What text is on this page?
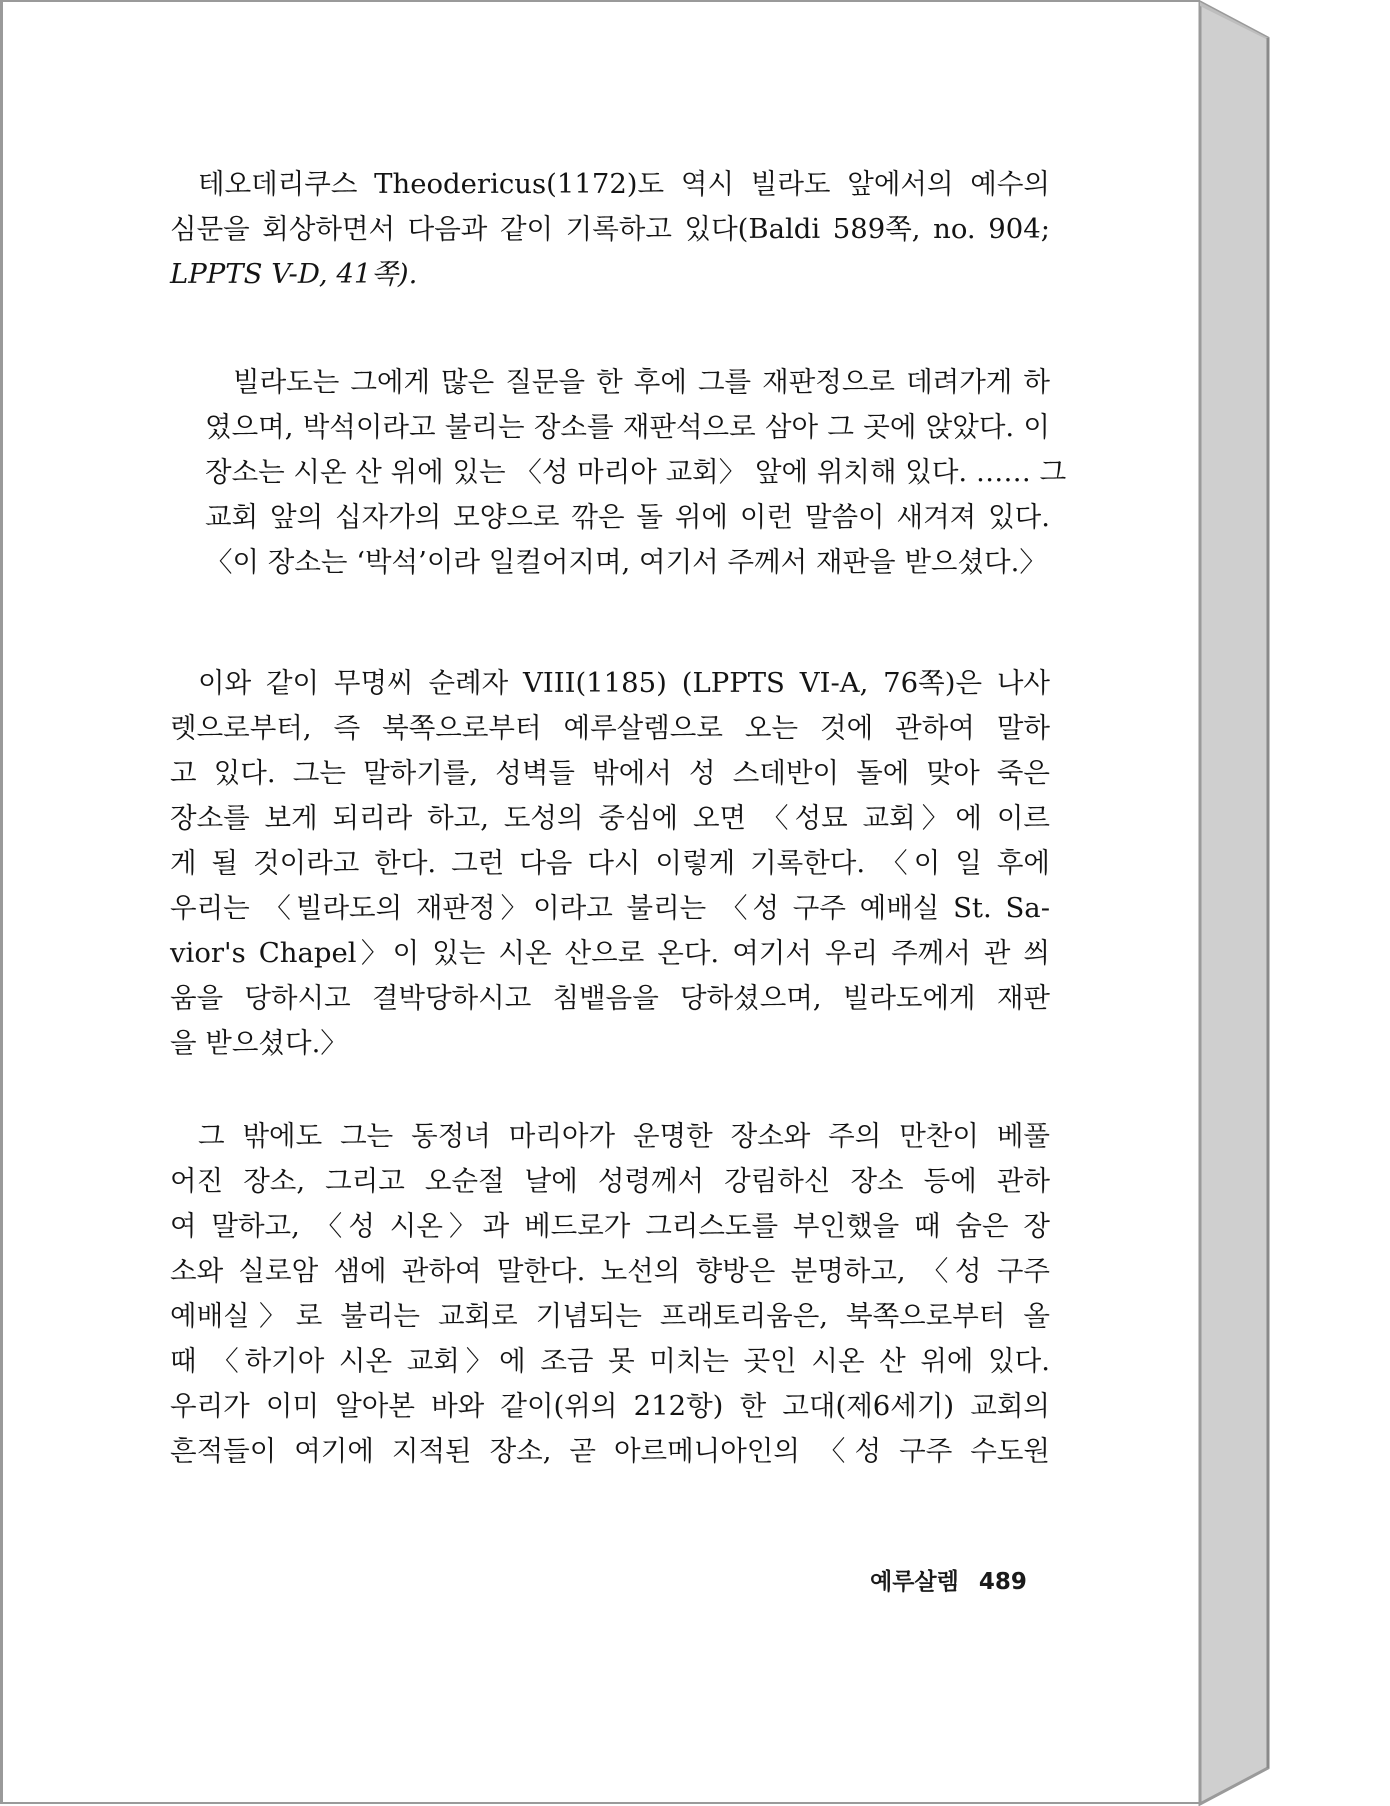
테오데리쿠스 Theodericus(1172)도 역시 빌라도 앞에서의 예수의
심문을 회상하면서 다음과 같이 기록하고 있다(Baldi 589쪽, no. 904;
LPPTS V-D, 41쪽).
빌라도는 그에게 많은 질문을 한 후에 그를 재판정으로 데려가게 하
였으며, 박석이라고 불리는 장소를 재판석으로 삼아 그 곳에 앉았다. 이
장소는 시온 산 위에 있는 〈성 마리아 교회〉 앞에 위치해 있다. …… 그
교회 앞의 십자가의 모양으로 깎은 돌 위에 이런 말씀이 새겨져 있다.
〈이 장소는 ‘박석’이라 일컬어지며, 여기서 주께서 재판을 받으셨다.〉
이와 같이 무명씨 순례자 VIII(1185) (LPPTS VI-A, 76쪽)은 나사
렛으로부터, 즉 북쪽으로부터 예루살렘으로 오는 것에 관하여 말하
고 있다. 그는 말하기를, 성벽들 밖에서 성 스데반이 돌에 맞아 죽은
장소를 보게 되리라 하고, 도성의 중심에 오면 〈성묘 교회〉에 이르
게 될 것이라고 한다. 그런 다음 다시 이렇게 기록한다. 〈이 일 후에
우리는 〈빌라도의 재판정〉이라고 불리는 〈성 구주 예배실 St. Sa-
vior's Chapel〉이 있는 시온 산으로 온다. 여기서 우리 주께서 관 씌
움을 당하시고 결박당하시고 침뱉음을 당하셨으며, 빌라도에게 재판
을 받으셨다.〉
그 밖에도 그는 동정녀 마리아가 운명한 장소와 주의 만찬이 베풀
어진 장소, 그리고 오순절 날에 성령께서 강림하신 장소 등에 관하
여 말하고, 〈성 시온〉과 베드로가 그리스도를 부인했을 때 숨은 장
소와 실로암 샘에 관하여 말한다. 노선의 향방은 분명하고, 〈성 구주
예배실〉로 불리는 교회로 기념되는 프래토리움은, 북쪽으로부터 올
때 〈하기아 시온 교회〉에 조금 못 미치는 곳인 시온 산 위에 있다.
우리가 이미 알아본 바와 같이(위의 212항) 한 고대(제6세기) 교회의
흔적들이 여기에 지적된 장소, 곧 아르메니아인의 〈성 구주 수도원
예루살렘 489
